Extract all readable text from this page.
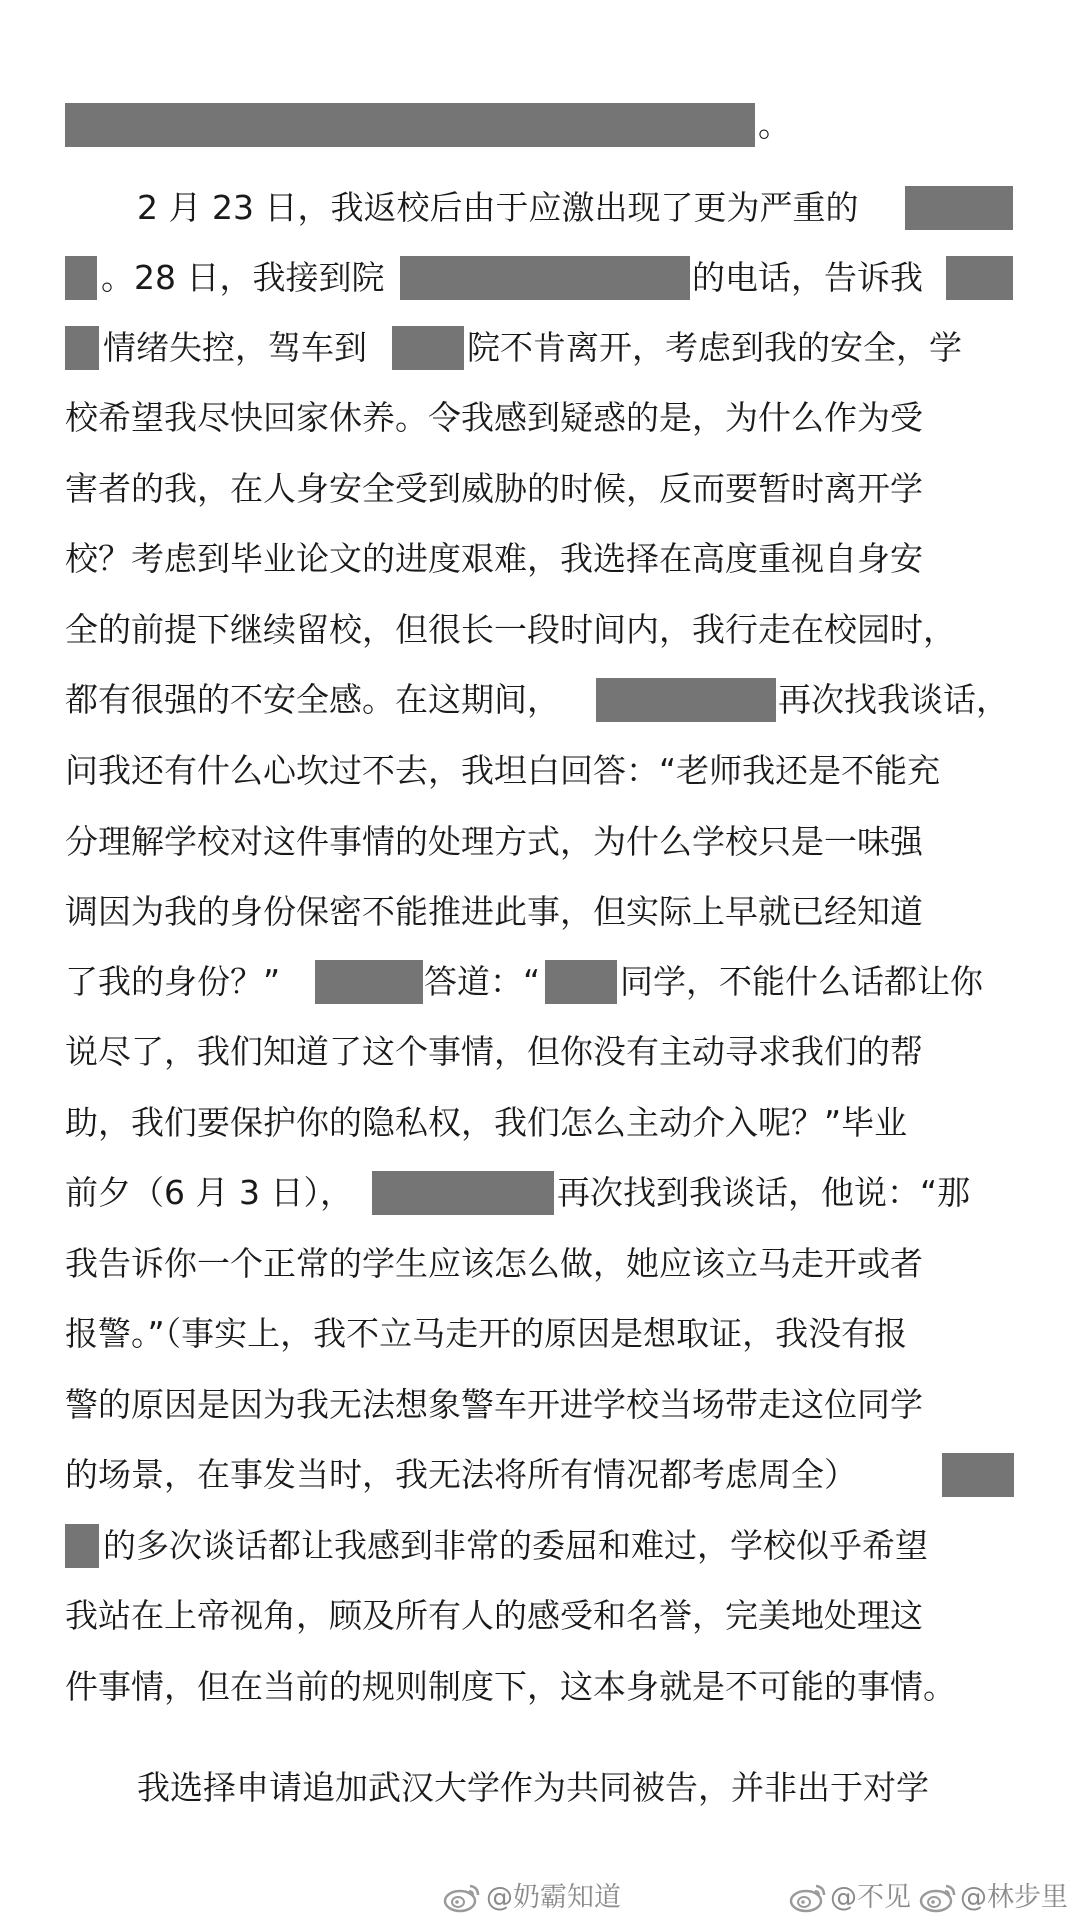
。
2 月 23 日，我返校后由于应激出现了更为严重的
。28 日，我接到院	的电话，告诉我
情绪失控，驾车到	院不肯离开，考虑到我的安全，学
校希望我尽快回家休养。令我感到疑惑的是，为什么作为受
害者的我，在人身安全受到威胁的时候，反而要暂时离开学
校？考虑到毕业论文的进度艰难，我选择在高度重视自身安
全的前提下继续留校，但很长一段时间内，我行走在校园时，
都有很强的不安全感。在这期间，	再次找我谈话，
问我还有什么心坎过不去，我坦白回答：“老师我还是不能充
分理解学校对这件事情的处理方式，为什么学校只是一味强
调因为我的身份保密不能推进此事，但实际上早就已经知道
了我的身份？”	答道：“ 同学，不能什么话都让你
说尽了，我们知道了这个事情，但你没有主动寻求我们的帮
助，我们要保护你的隐私权，我们怎么主动介入呢？”毕业
前夕（6 月 3 日），	再次找到我谈话，他说：“那
我告诉你一个正常的学生应该怎么做，她应该立马走开或者
报警。”（事实上，我不立马走开的原因是想取证，我没有报
警的原因是因为我无法想象警车开进学校当场带走这位同学
的场景，在事发当时，我无法将所有情况都考虑周全）
的多次谈话都让我感到非常的委屈和难过，学校似乎希望
我站在上帝视角，顾及所有人的感受和名誉，完美地处理这
件事情，但在当前的规则制度下，这本身就是不可能的事情。
我选择申请追加武汉大学作为共同被告，并非出于对学
@奶霸知道	@不见 @林步里
